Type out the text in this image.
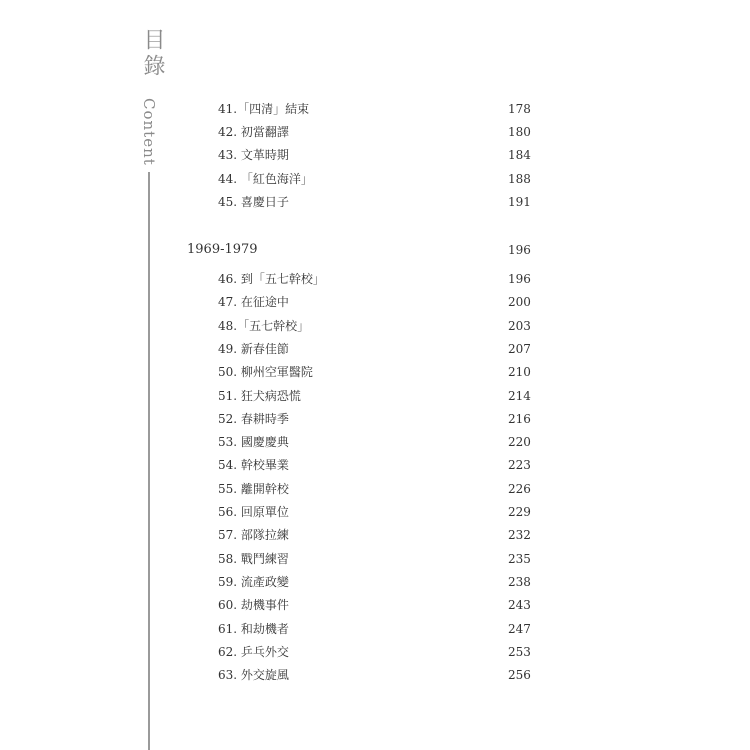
目錄
Content	41.「四清」結束	178
42. 初當翻譯	180
43. 文革時期	184
44. 「紅色海洋」	188
45. 喜慶日子	191
1969-1979	196
46. 到「五七幹校」	196
47. 在征途中	200
48.「五七幹校」	203
49. 新春佳節	207
50. 柳州空軍醫院	210
51. 狂犬病恐慌	214
52. 春耕時季	216
53. 國慶慶典	220
54. 幹校畢業	223
55. 離開幹校	226
56. 回原單位	229
57. 部隊拉練	232
58. 戰鬥練習	235
59. 流產政變	238
60. 劫機事件	243
61. 和劫機者	247
62. 乒乓外交	253
63. 外交旋風	256
